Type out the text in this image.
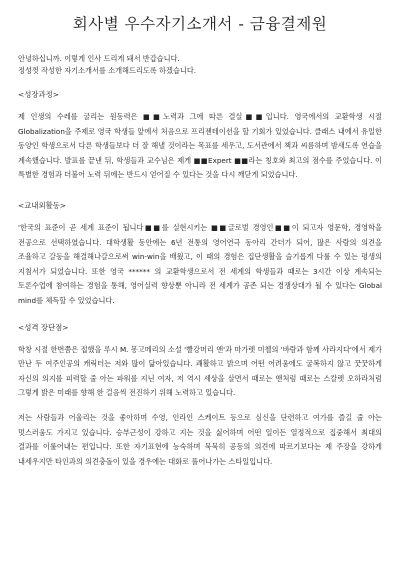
회사별 우수자기소개서 - 금융결제원
안녕하십니까. 이렇게 인사 드리게 돼서 반갑습니다.
정성껏 작성한 자기소개서를 소개해드리도록 하겠습니다.

<성장과정>

제 인생의 수레를 굴리는 원동력은 ■■노력과 그에 따른 결실■■입니다. 영국에서의 교환학생 시절 Globalization을 주제로 영국 학생들 앞에서 처음으로 프리젠테이션을 할 기회가 있었습니다. 클래스 내에서 유일한 동양인 학생으로서 다른 학생들보다 더 잘 해낼 것이라는 목표를 세우고, 도서관에서 책과 씨름하며 밤새도록 연습을 계속했습니다. 발표를 끝낸 뒤, 학생들과 교수님은 제게 ■■Expert ■■라는 칭호와 최고의 점수를 주었습니다. 이 특별한 경험과 더불어 노력 뒤에는 반드시 얻어질 수 있다는 것을 다시 깨닫게 되었습니다.

<교내외활동>

'한국의 표준이 곧 세계 표준이 됩니다■■를 실현시키는 ■■글로벌 경영인■■이 되고자 영문학, 경영학을 전공으로 선택하였습니다. 대학생활 동안에는 6년 전통의 영어연극 동아리 간더가 되어, 많은 사람의 의견을 조율하고 갈등을 해결해나갈으로써 win-win을 배웠고, 이 때의 경험은 집단생활을 슬기롭게 다룰 수 있는 평생의 지침서가 되었습니다. 또한 영국 ****** 의 교환학생으로서 전 세계의 학생들과 때로는 3시간 이상 계속되는 토론수업에 참여하는 경험을 통해, 영어실력 향상뿐 아니라 전 세계가 공존 되는 경쟁상대가 될 수 있다는 Global mind를 체득할 수 있었습니다.

<성격 장단점>

학창 시절 한번쯤은 접했을 루시 M. 몽고메리의 소설 '빨강머리 앤'과 마가렛 미첼의 '바람과 함께 사라지다'에서 제가 만난 두 여주인공의 캐릭터는 저와 많이 닮아있습니다. 쾌활하고 밝으며 어떤 어려움에도 굴복하지 않고 꿋꿋하게 자신의 의지를 피력할 줄 아는 파워를 지닌 여자, 저 역시 세상을 살면서 때로는 앤처럼 때로는 스칼렛 오하라처럼 그렇게 밝은 미래를 향해 한 걸음씩 전진하기 위해 노력하고 있습니다.
저는 사람들과 어울리는 것을 좋아하며 수영, 인라인 스케이트 등으로 심신을 단련하고 여가를 즐길 줄 아는 멋스러움도 가지고 있습니다. 승부근성이 강하고 지는 것을 싫어하며 어떤 일이든 열정적으로 집중해서 최대의 결과를 이룰어내는 편입니다. 또한 자기표현에 능숙하며 묵묵히 공동의 의견에 따르기보다는 제 주장을 강하게 내세우지만 타인과의 의견충돌이 있을 경우에는 대화로 풀어나가는 스타일입니다.
